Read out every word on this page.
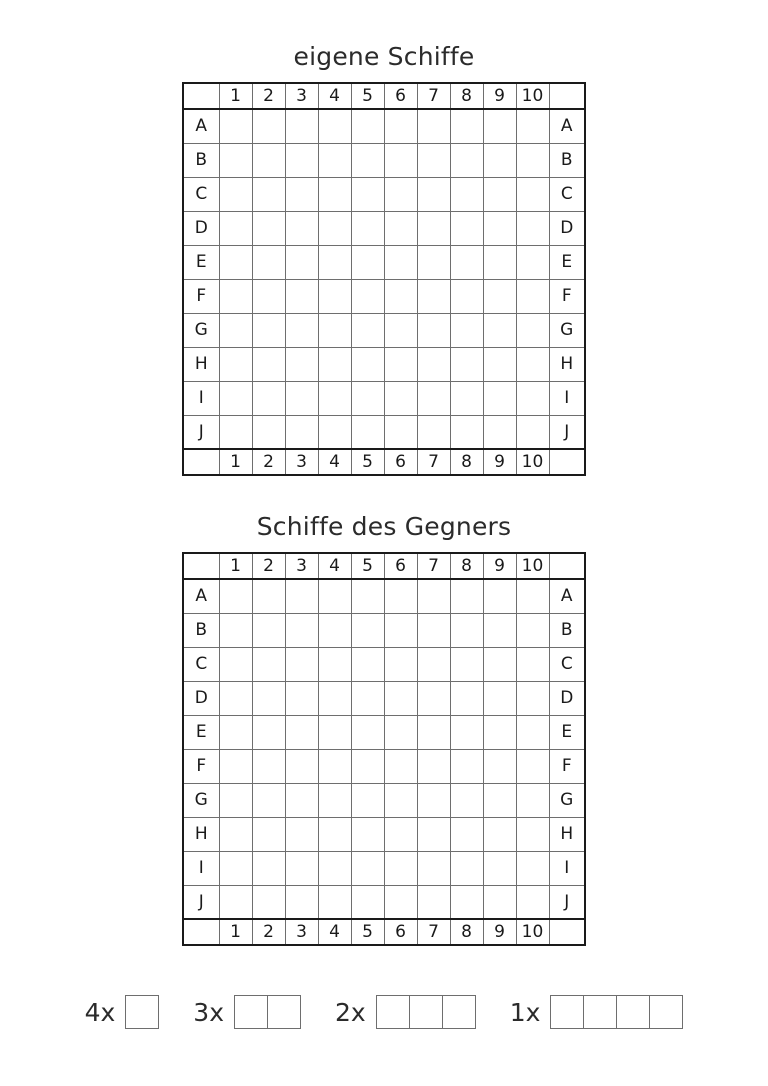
eigene Schiffe
	1	2	3	4	5	6	7	8	9	10	
A											A
B											B
C											C
D											D
E											E
F											F
G											G
H											H
I											I
J											J
	1	2	3	4	5	6	7	8	9	10	
Schiffe des Gegners
	1	2	3	4	5	6	7	8	9	10	
A											A
B											B
C											C
D											D
E											E
F											F
G											G
H											H
I											I
J											J
	1	2	3	4	5	6	7	8	9	10	
4x	3x	2x	1x
